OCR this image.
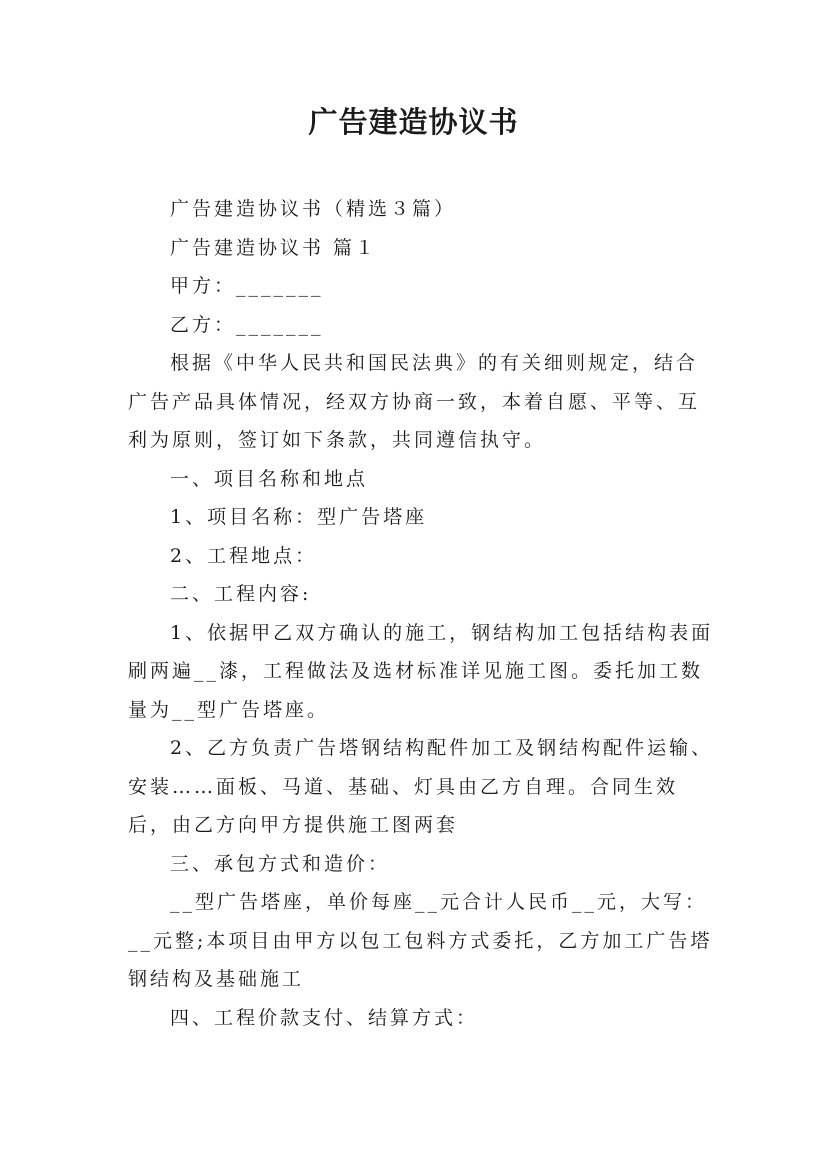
广告建造协议书

广告建造协议书（精选３篇）

广告建造协议书 篇１

甲方：_______

乙方：_______

根据《中华人民共和国民法典》的有关细则规定，结合广告产品具体情况，经双方协商一致，本着自愿、平等、互利为原则，签订如下条款，共同遵信执守。

一、项目名称和地点

1、项目名称：型广告塔座

2、工程地点：

二、工程内容:

1、依据甲乙双方确认的施工，钢结构加工包括结构表面刷两遍__漆，工程做法及选材标准详见施工图。委托加工数量为__型广告塔座。

2、乙方负责广告塔钢结构配件加工及钢结构配件运输、安装……面板、马道、基础、灯具由乙方自理。合同生效后，由乙方向甲方提供施工图两套

三、承包方式和造价：

__型广告塔座，单价每座__元合计人民币__元，大写：__元整;本项目由甲方以包工包料方式委托，乙方加工广告塔钢结构及基础施工

四、工程价款支付、结算方式：
